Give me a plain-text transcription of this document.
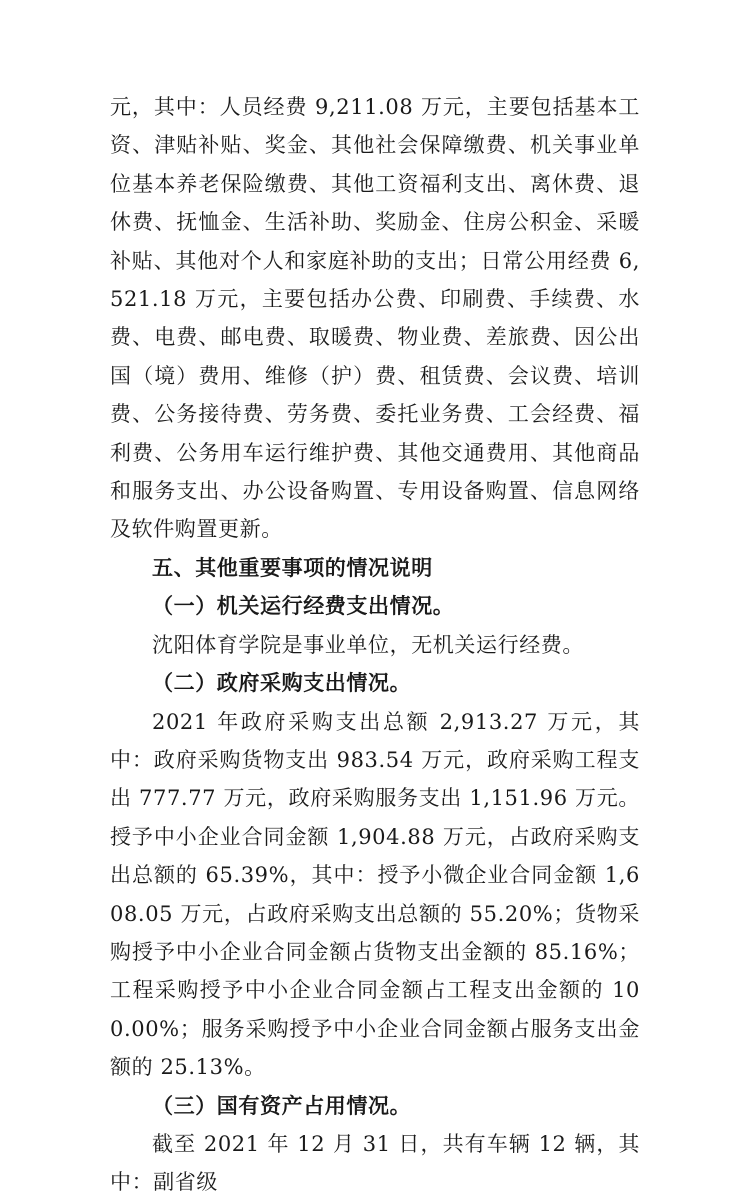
元，其中：人员经费 9,211.08 万元，主要包括基本工资、津贴补贴、奖金、其他社会保障缴费、机关事业单位基本养老保险缴费、其他工资福利支出、离休费、退休费、抚恤金、生活补助、奖励金、住房公积金、采暖补贴、其他对个人和家庭补助的支出；日常公用经费 6,521.18 万元，主要包括办公费、印刷费、手续费、水费、电费、邮电费、取暖费、物业费、差旅费、因公出国（境）费用、维修（护）费、租赁费、会议费、培训费、公务接待费、劳务费、委托业务费、工会经费、福利费、公务用车运行维护费、其他交通费用、其他商品和服务支出、办公设备购置、专用设备购置、信息网络及软件购置更新。

五、其他重要事项的情况说明

（一）机关运行经费支出情况。

沈阳体育学院是事业单位，无机关运行经费。

（二）政府采购支出情况。

2021 年政府采购支出总额 2,913.27 万元，其中：政府采购货物支出 983.54 万元，政府采购工程支出 777.77 万元，政府采购服务支出 1,151.96 万元。授予中小企业合同金额 1,904.88 万元，占政府采购支出总额的 65.39%，其中：授予小微企业合同金额 1,608.05 万元，占政府采购支出总额的 55.20%；货物采购授予中小企业合同金额占货物支出金额的 85.16%；工程采购授予中小企业合同金额占工程支出金额的 100.00%；服务采购授予中小企业合同金额占服务支出金额的 25.13%。

（三）国有资产占用情况。

截至 2021 年 12 月 31 日，共有车辆 12 辆，其中：副省级
